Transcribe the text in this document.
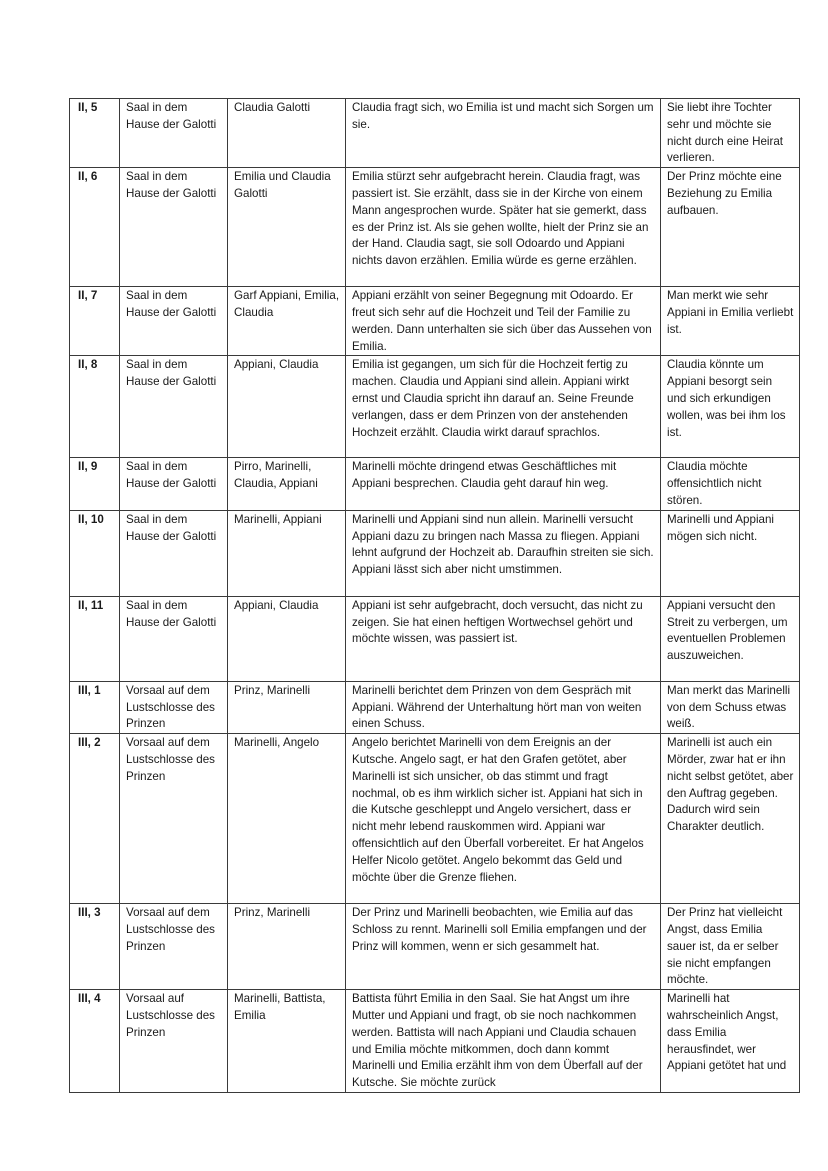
II, 5	Saal in dem Hause der Galotti	Claudia Galotti	Claudia fragt sich, wo Emilia ist und macht sich Sorgen um sie.	Sie liebt ihre Tochter sehr und möchte sie nicht durch eine Heirat verlieren.
II, 6	Saal in dem Hause der Galotti	Emilia und Claudia Galotti	Emilia stürzt sehr aufgebracht herein. Claudia fragt, was passiert ist. Sie erzählt, dass sie in der Kirche von einem Mann angesprochen wurde. Später hat sie gemerkt, dass es der Prinz ist. Als sie gehen wollte, hielt der Prinz sie an der Hand. Claudia sagt, sie soll Odoardo und Appiani nichts davon erzählen. Emilia würde es gerne erzählen.	Der Prinz möchte eine Beziehung zu Emilia aufbauen.
II, 7	Saal in dem Hause der Galotti	Garf Appiani, Emilia, Claudia	Appiani erzählt von seiner Begegnung mit Odoardo. Er freut sich sehr auf die Hochzeit und Teil der Familie zu werden. Dann unterhalten sie sich über das Aussehen von Emilia.	Man merkt wie sehr Appiani in Emilia verliebt ist.
II, 8	Saal in dem Hause der Galotti	Appiani, Claudia	Emilia ist gegangen, um sich für die Hochzeit fertig zu machen. Claudia und Appiani sind allein. Appiani wirkt ernst und Claudia spricht ihn darauf an. Seine Freunde verlangen, dass er dem Prinzen von der anstehenden Hochzeit erzählt. Claudia wirkt darauf sprachlos.	Claudia könnte um Appiani besorgt sein und sich erkundigen wollen, was bei ihm los ist.
II, 9	Saal in dem Hause der Galotti	Pirro, Marinelli, Claudia, Appiani	Marinelli möchte dringend etwas Geschäftliches mit Appiani besprechen. Claudia geht darauf hin weg.	Claudia möchte offensichtlich nicht stören.
II, 10	Saal in dem Hause der Galotti	Marinelli, Appiani	Marinelli und Appiani sind nun allein. Marinelli versucht Appiani dazu zu bringen nach Massa zu fliegen. Appiani lehnt aufgrund der Hochzeit ab. Daraufhin streiten sie sich. Appiani lässt sich aber nicht umstimmen.	Marinelli und Appiani mögen sich nicht.
II, 11	Saal in dem Hause der Galotti	Appiani, Claudia	Appiani ist sehr aufgebracht, doch versucht, das nicht zu zeigen. Sie hat einen heftigen Wortwechsel gehört und möchte wissen, was passiert ist.	Appiani versucht den Streit zu verbergen, um eventuellen Problemen auszuweichen.
III, 1	Vorsaal auf dem Lustschlosse des Prinzen	Prinz, Marinelli	Marinelli berichtet dem Prinzen von dem Gespräch mit Appiani. Während der Unterhaltung hört man von weiten einen Schuss.	Man merkt das Marinelli von dem Schuss etwas weiß.
III, 2	Vorsaal auf dem Lustschlosse des Prinzen	Marinelli, Angelo	Angelo berichtet Marinelli von dem Ereignis an der Kutsche. Angelo sagt, er hat den Grafen getötet, aber Marinelli ist sich unsicher, ob das stimmt und fragt nochmal, ob es ihm wirklich sicher ist. Appiani hat sich in die Kutsche geschleppt und Angelo versichert, dass er nicht mehr lebend rauskommen wird. Appiani war offensichtlich auf den Überfall vorbereitet. Er hat Angelos Helfer Nicolo getötet. Angelo bekommt das Geld und möchte über die Grenze fliehen.	Marinelli ist auch ein Mörder, zwar hat er ihn nicht selbst getötet, aber den Auftrag gegeben. Dadurch wird sein Charakter deutlich.
III, 3	Vorsaal auf dem Lustschlosse des Prinzen	Prinz, Marinelli	Der Prinz und Marinelli beobachten, wie Emilia auf das Schloss zu rennt. Marinelli soll Emilia empfangen und der Prinz will kommen, wenn er sich gesammelt hat.	Der Prinz hat vielleicht Angst, dass Emilia sauer ist, da er selber sie nicht empfangen möchte.
III, 4	Vorsaal auf Lustschlosse des Prinzen	Marinelli, Battista, Emilia	Battista führt Emilia in den Saal. Sie hat Angst um ihre Mutter und Appiani und fragt, ob sie noch nachkommen werden. Battista will nach Appiani und Claudia schauen und Emilia möchte mitkommen, doch dann kommt Marinelli und Emilia erzählt ihm von dem Überfall auf der Kutsche. Sie möchte zurück	Marinelli hat wahrscheinlich Angst, dass Emilia herausfindet, wer Appiani getötet hat und
